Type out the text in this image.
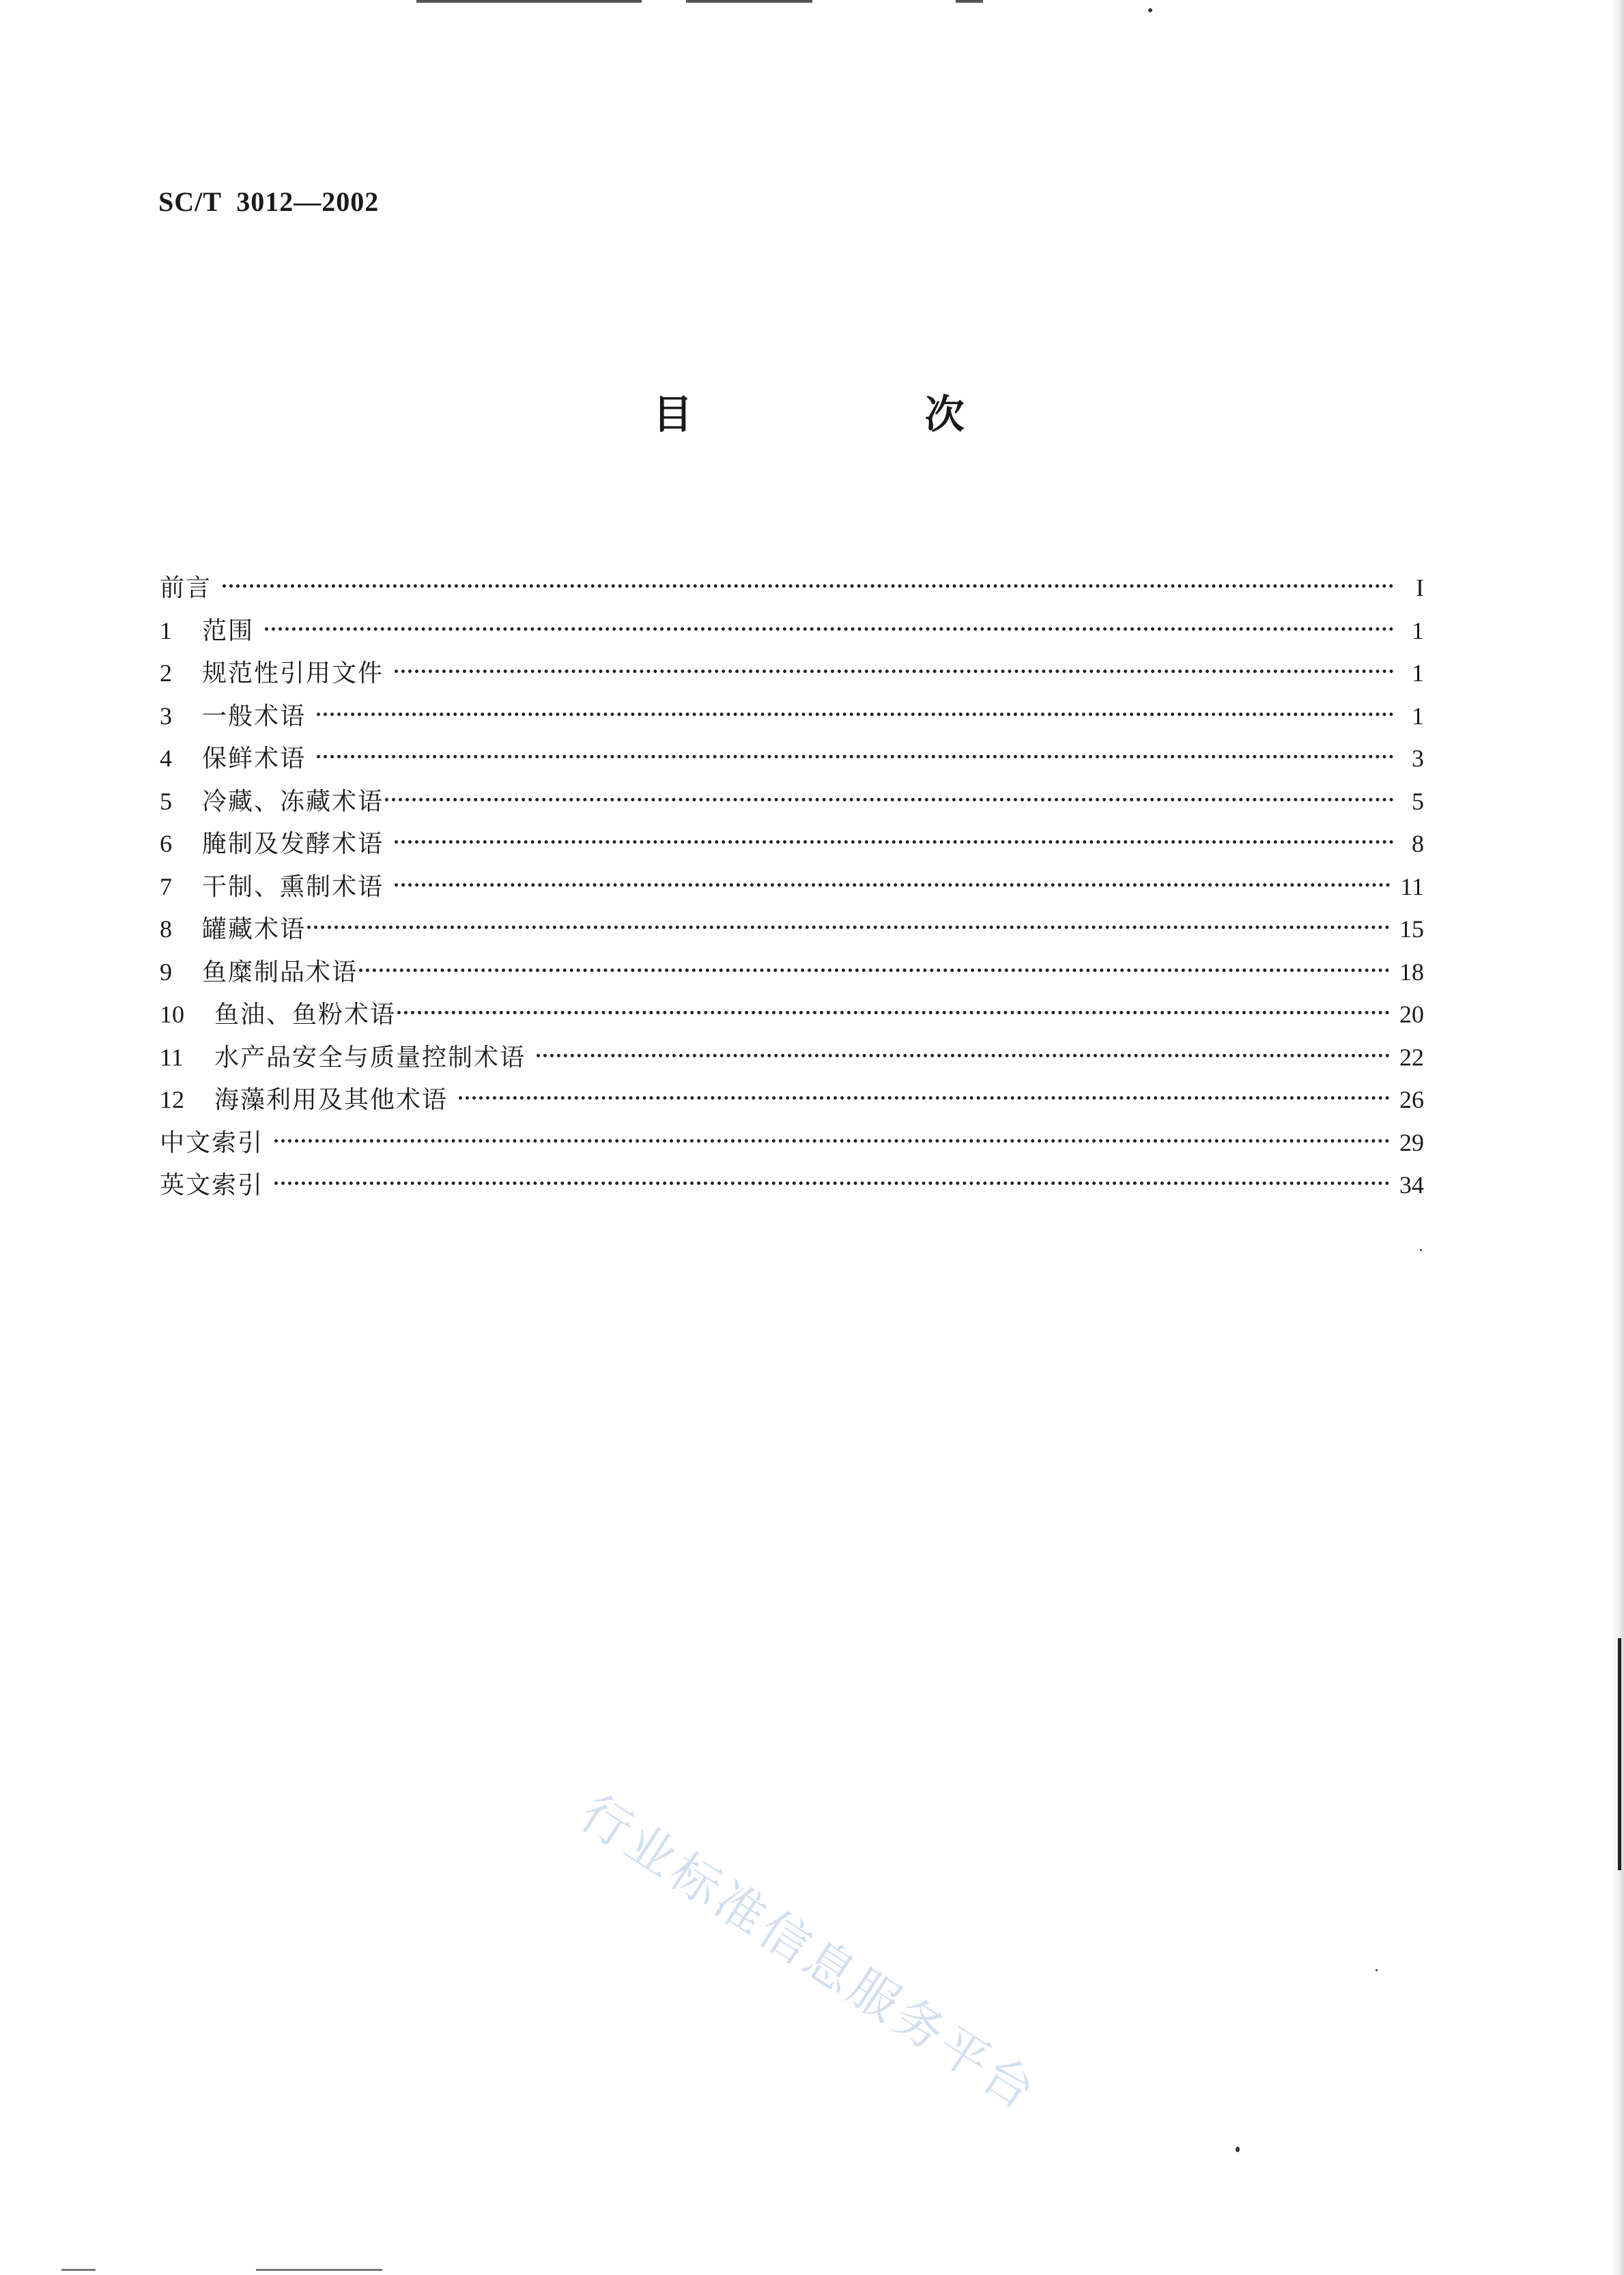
SC/T  3012—2002
目 次
前言	I
1	范围	1
2	规范性引用文件	1
3	一般术语	1
4	保鲜术语	3
5	冷藏、冻藏术语	5
6	腌制及发酵术语	8
7	干制、熏制术语	11
8	罐藏术语	15
9	鱼糜制品术语	18
10	鱼油、鱼粉术语	20
11	水产品安全与质量控制术语	22
12	海藻利用及其他术语	26
中文索引	29
英文索引	34
行业标准信息服务平台
